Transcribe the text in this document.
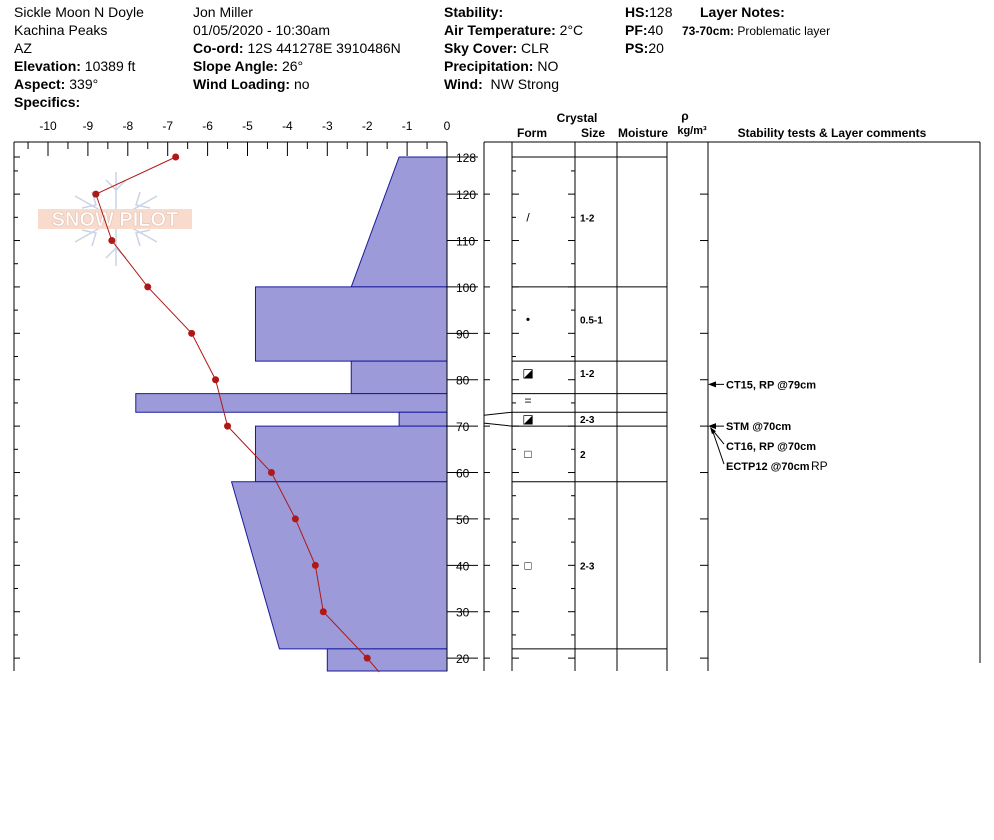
Sickle Moon N Doyle
Kachina Peaks
AZ
Elevation: 10389 ft
Aspect: 339°
Specifics:
Jon Miller
01/05/2020 - 10:30am
Co-ord: 12S 441278E 3910486N
Slope Angle: 26°
Wind Loading: no
Stability:
Air Temperature: 2°C
Sky Cover: CLR
Precipitation: NO
Wind: NW Strong
HS:128
PF:40
PS:20
Layer Notes:
73-70cm: Problematic layer
SNOW PILOT
-10 -9 -8 -7 -6 -5 -4 -3 -2 -1	0
128
120
110
100
90
80
70
60
50
40
30
20
/	1-2
•	0.5-1
◪	1-2
=
◪	2-3
□	2
□	2-3
CT15, RP @79cm
STM @70cm
CT16, RP @70cm
ECTP12 @70cm RP
Crystal
Form	Size Moisture
ρ
kg/m³	Stability tests & Layer comments
